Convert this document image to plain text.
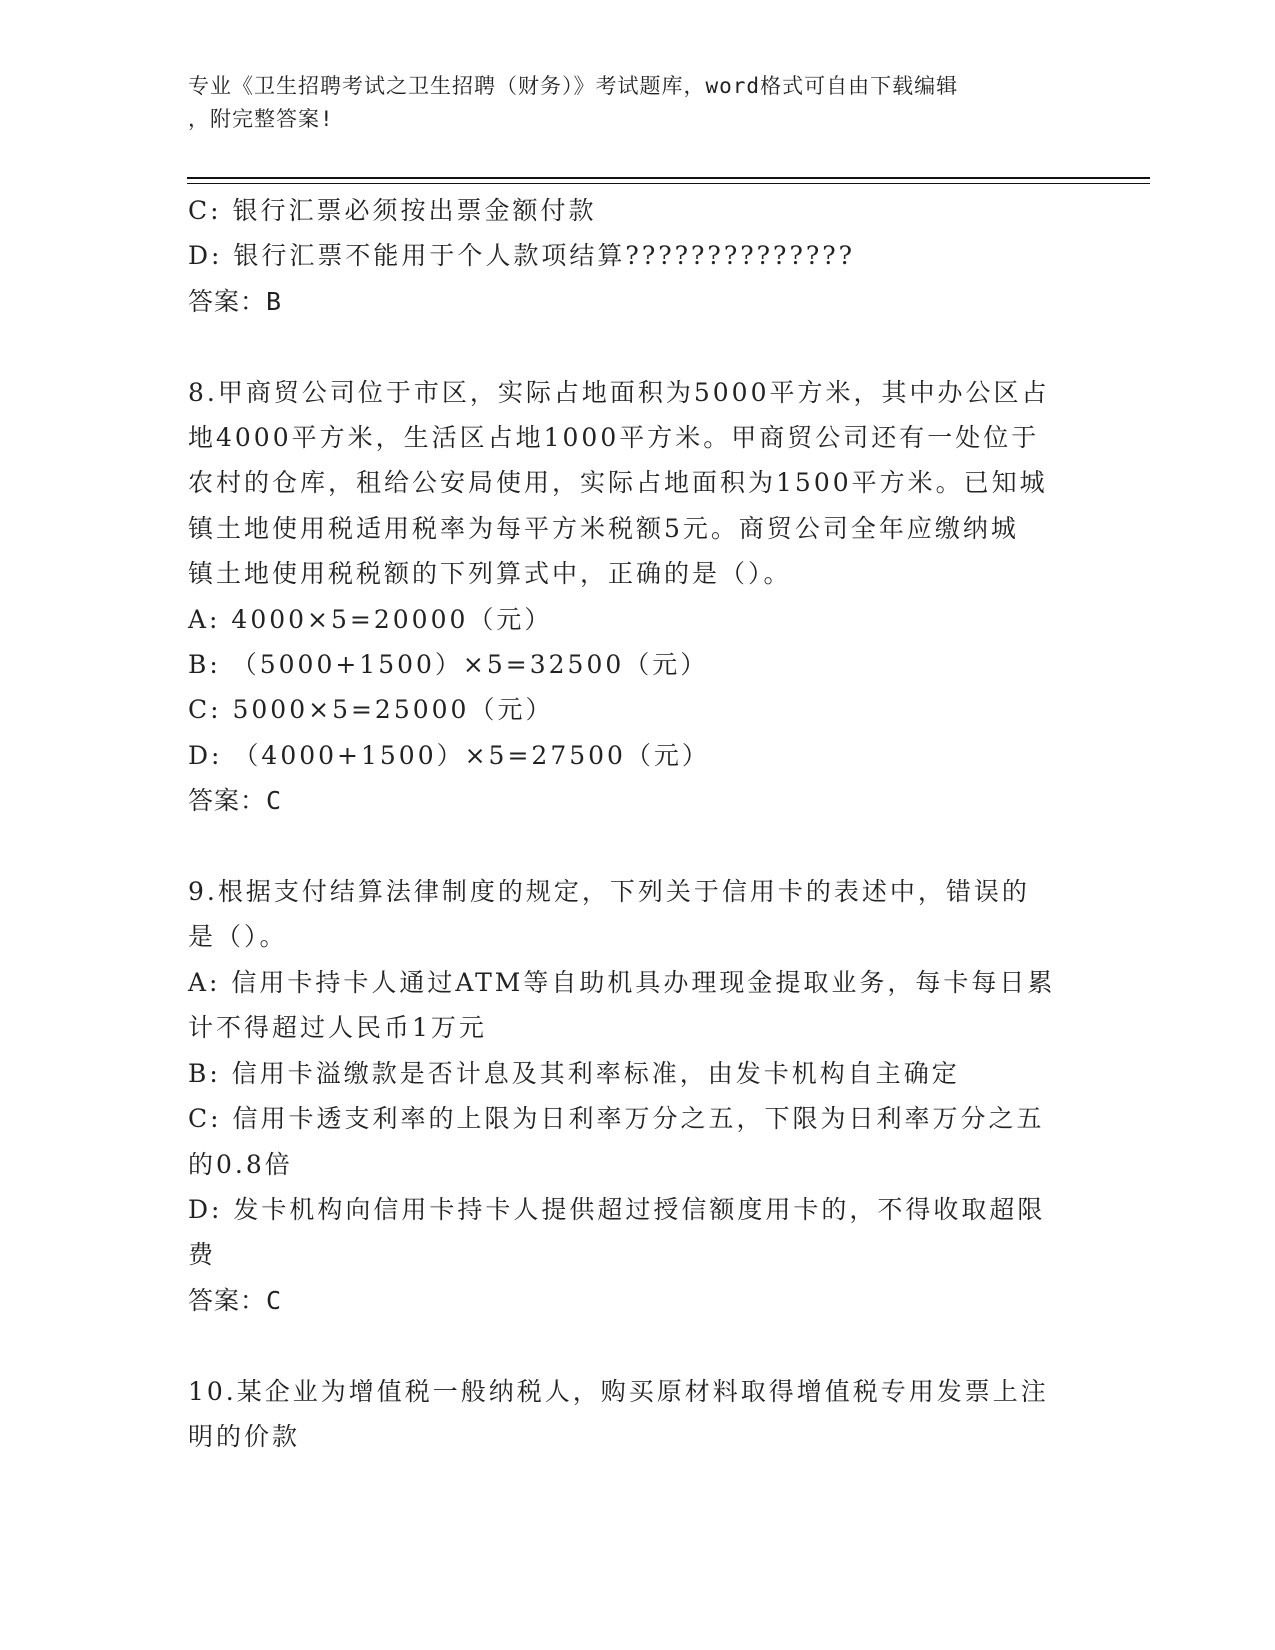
专业《卫生招聘考试之卫生招聘（财务）》考试题库，word格式可自由下载编辑
，附完整答案!
C: 银行汇票必须按出票金额付款
D: 银行汇票不能用于个人款项结算??????????????
答案：B
8.甲商贸公司位于市区，实际占地面积为5000平方米，其中办公区占
地4000平方米，生活区占地1000平方米。甲商贸公司还有一处位于
农村的仓库，租给公安局使用，实际占地面积为1500平方米。已知城
镇土地使用税适用税率为每平方米税额5元。商贸公司全年应缴纳城
镇土地使用税税额的下列算式中，正确的是（）。
A: 4000×5=20000（元）
B: （5000+1500）×5=32500（元）
C: 5000×5=25000（元）
D: （4000+1500）×5=27500（元）
答案：C
9.根据支付结算法律制度的规定，下列关于信用卡的表述中，错误的
是（）。
A: 信用卡持卡人通过ATM等自助机具办理现金提取业务，每卡每日累
计不得超过人民币1万元
B: 信用卡溢缴款是否计息及其利率标准，由发卡机构自主确定
C: 信用卡透支利率的上限为日利率万分之五，下限为日利率万分之五
的0.8倍
D: 发卡机构向信用卡持卡人提供超过授信额度用卡的，不得收取超限
费
答案：C
10.某企业为增值税一般纳税人，购买原材料取得增值税专用发票上注
明的价款
